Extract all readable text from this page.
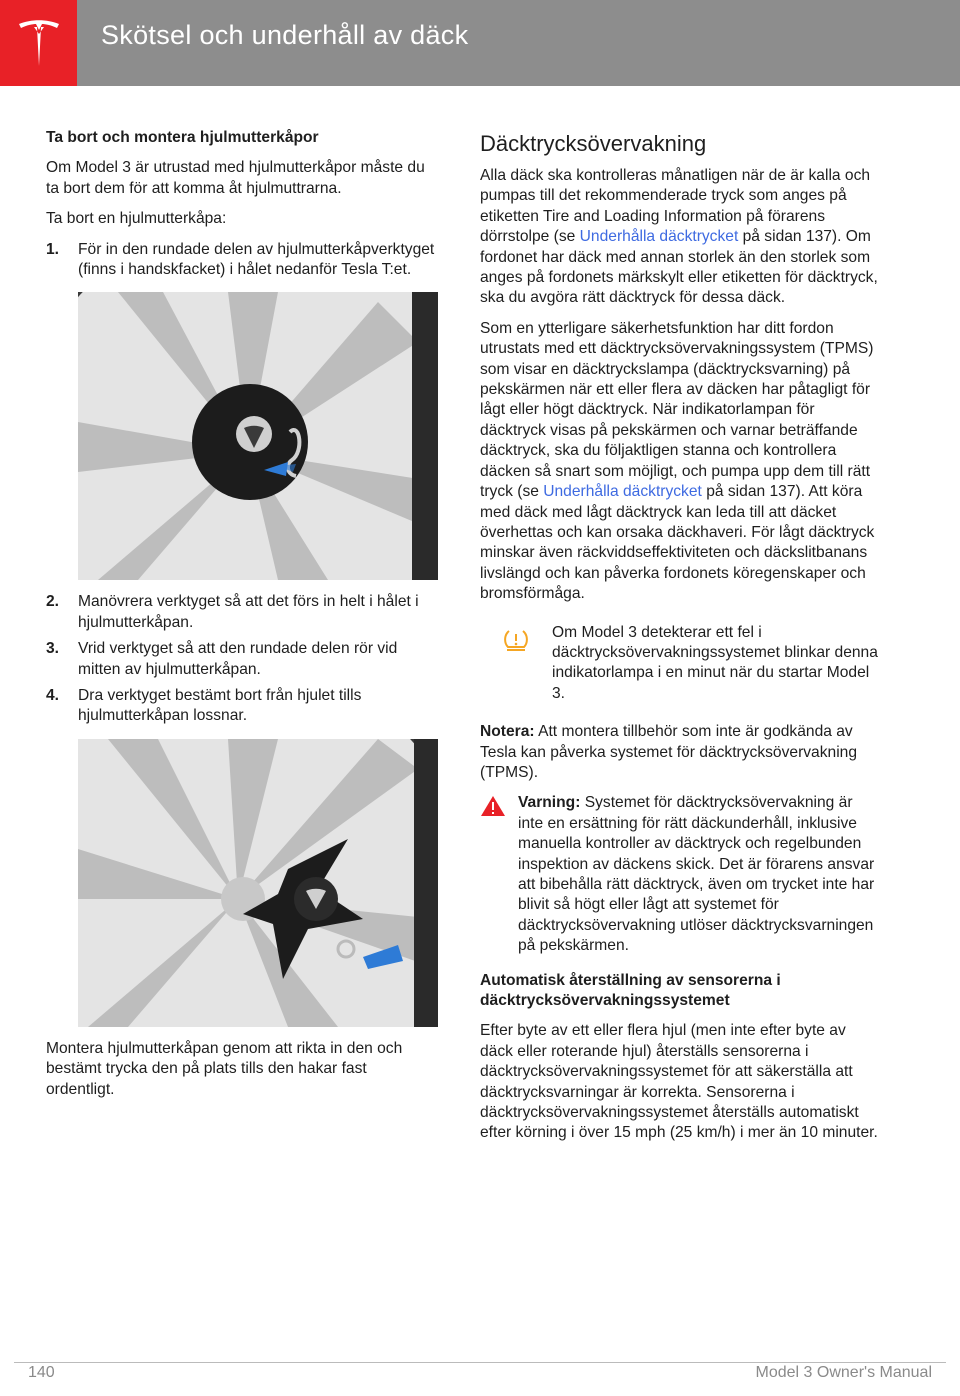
Skötsel och underhåll av däck
Ta bort och montera hjulmutterkåpor

Om Model 3 är utrustad med hjulmutterkåpor måste du ta bort dem för att komma åt hjulmuttrarna.

Ta bort en hjulmutterkåpa:

1. För in den rundade delen av hjulmutterkåpverktyget (finns i handskfacket) i hålet nedanför Tesla T:et.
2. Manövrera verktyget så att det förs in helt i hålet i hjulmutterkåpan.
3. Vrid verktyget så att den rundade delen rör vid mitten av hjulmutterkåpan.
4. Dra verktyget bestämt bort från hjulet tills hjulmutterkåpan lossnar.

Montera hjulmutterkåpan genom att rikta in den och bestämt trycka den på plats tills den hakar fast ordentligt.

Däcktrycksövervakning

Alla däck ska kontrolleras månatligen när de är kalla och pumpas till det rekommenderade tryck som anges på etiketten Tire and Loading Information på förarens dörrstolpe (se Underhålla däcktrycket på sidan 137). Om fordonet har däck med annan storlek än den storlek som anges på fordonets märkskylt eller etiketten för däcktryck, ska du avgöra rätt däcktryck för dessa däck.

Som en ytterligare säkerhetsfunktion har ditt fordon utrustats med ett däcktrycksövervakningssystem (TPMS) som visar en däcktryckslampa (däcktrycksvarning) på pekskärmen när ett eller flera av däcken har påtagligt för lågt eller högt däcktryck. När indikatorlampan för däcktryck visas på pekskärmen och varnar beträffande däcktryck, ska du följaktligen stanna och kontrollera däcken så snart som möjligt, och pumpa upp dem till rätt tryck (se Underhålla däcktrycket på sidan 137). Att köra med däck med lågt däcktryck kan leda till att däcket överhettas och kan orsaka däckhaveri. För lågt däcktryck minskar även räckviddseffektiviteten och däckslitbanans livslängd och kan påverka fordonets köregenskaper och bromsförmåga.

Om Model 3 detekterar ett fel i däcktrycksövervakningssystemet blinkar denna indikatorlampa i en minut när du startar Model 3.

Notera: Att montera tillbehör som inte är godkända av Tesla kan påverka systemet för däcktrycksövervakning (TPMS).

Varning: Systemet för däcktrycksövervakning är inte en ersättning för rätt däckunderhåll, inklusive manuella kontroller av däcktryck och regelbunden inspektion av däckens skick. Det är förarens ansvar att bibehålla rätt däcktryck, även om trycket inte har blivit så högt eller lågt att systemet för däcktrycksövervakning utlöser däcktrycksvarningen på pekskärmen.
Automatisk återställning av sensorerna i däcktrycksövervakningssystemet

Efter byte av ett eller flera hjul (men inte efter byte av däck eller roterande hjul) återställs sensorerna i däcktrycksövervakningssystemet för att säkerställa att däcktrycksvarningar är korrekta. Sensorerna i däcktrycksövervakningssystemet återställs automatiskt efter körning i över 15 mph (25 km/h) i mer än 10 minuter.

140	Model 3 Owner's Manual
